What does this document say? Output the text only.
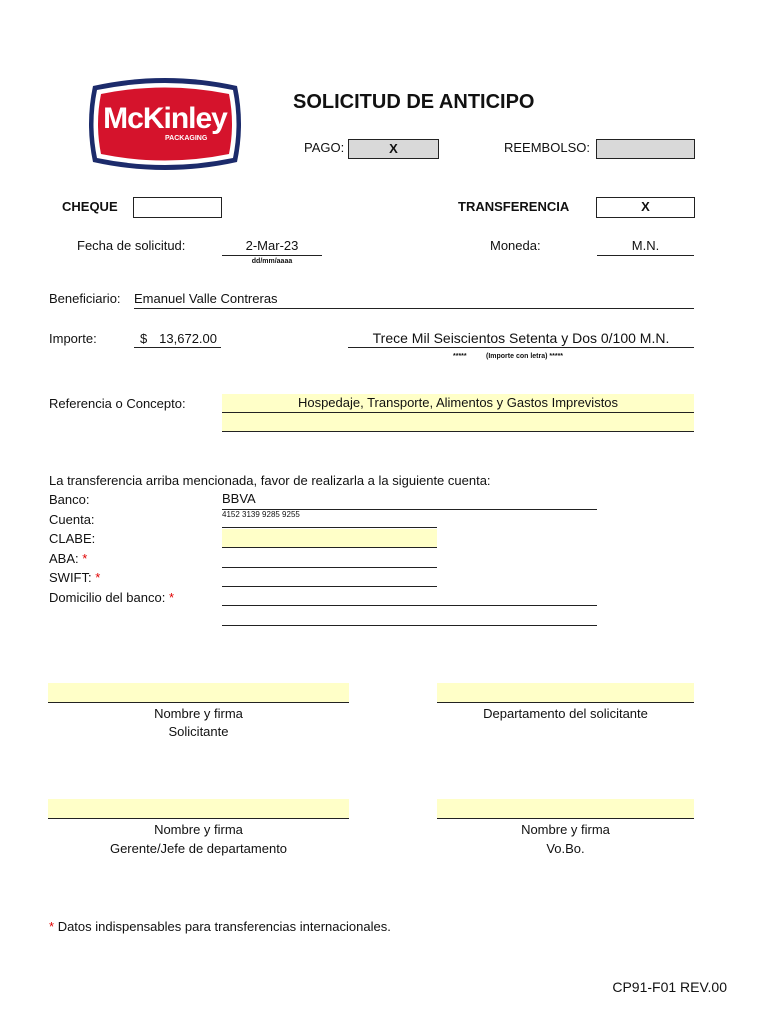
McKinley
PACKAGING
SOLICITUD DE ANTICIPO
PAGO:	X	REEMBOLSO:
CHEQUE	TRANSFERENCIA	X
Fecha de solicitud:	2-Mar-23
dd/mm/aaaa
Moneda:	M.N.
Beneficiario: Emanuel Valle Contreras
Importe:	$ 13,672.00	Trece Mil Seiscientos Setenta y Dos 0/100 M.N.
*****	(Importe con letra) *****
Referencia o Concepto:	Hospedaje, Transporte, Alimentos y Gastos Imprevistos
La transferencia arriba mencionada, favor de realizarla a la siguiente cuenta:
Banco:	BBVA
Cuenta:	4152 3139 9285 9255
CLABE:
ABA: *
SWIFT: *
Domicilio del banco: *
Nombre y firma
Solicitante
Departamento del solicitante
Nombre y firma
Gerente/Jefe de departamento
Nombre y firma
Vo.Bo.
* Datos indispensables para transferencias internacionales.
CP91-F01 REV.00
